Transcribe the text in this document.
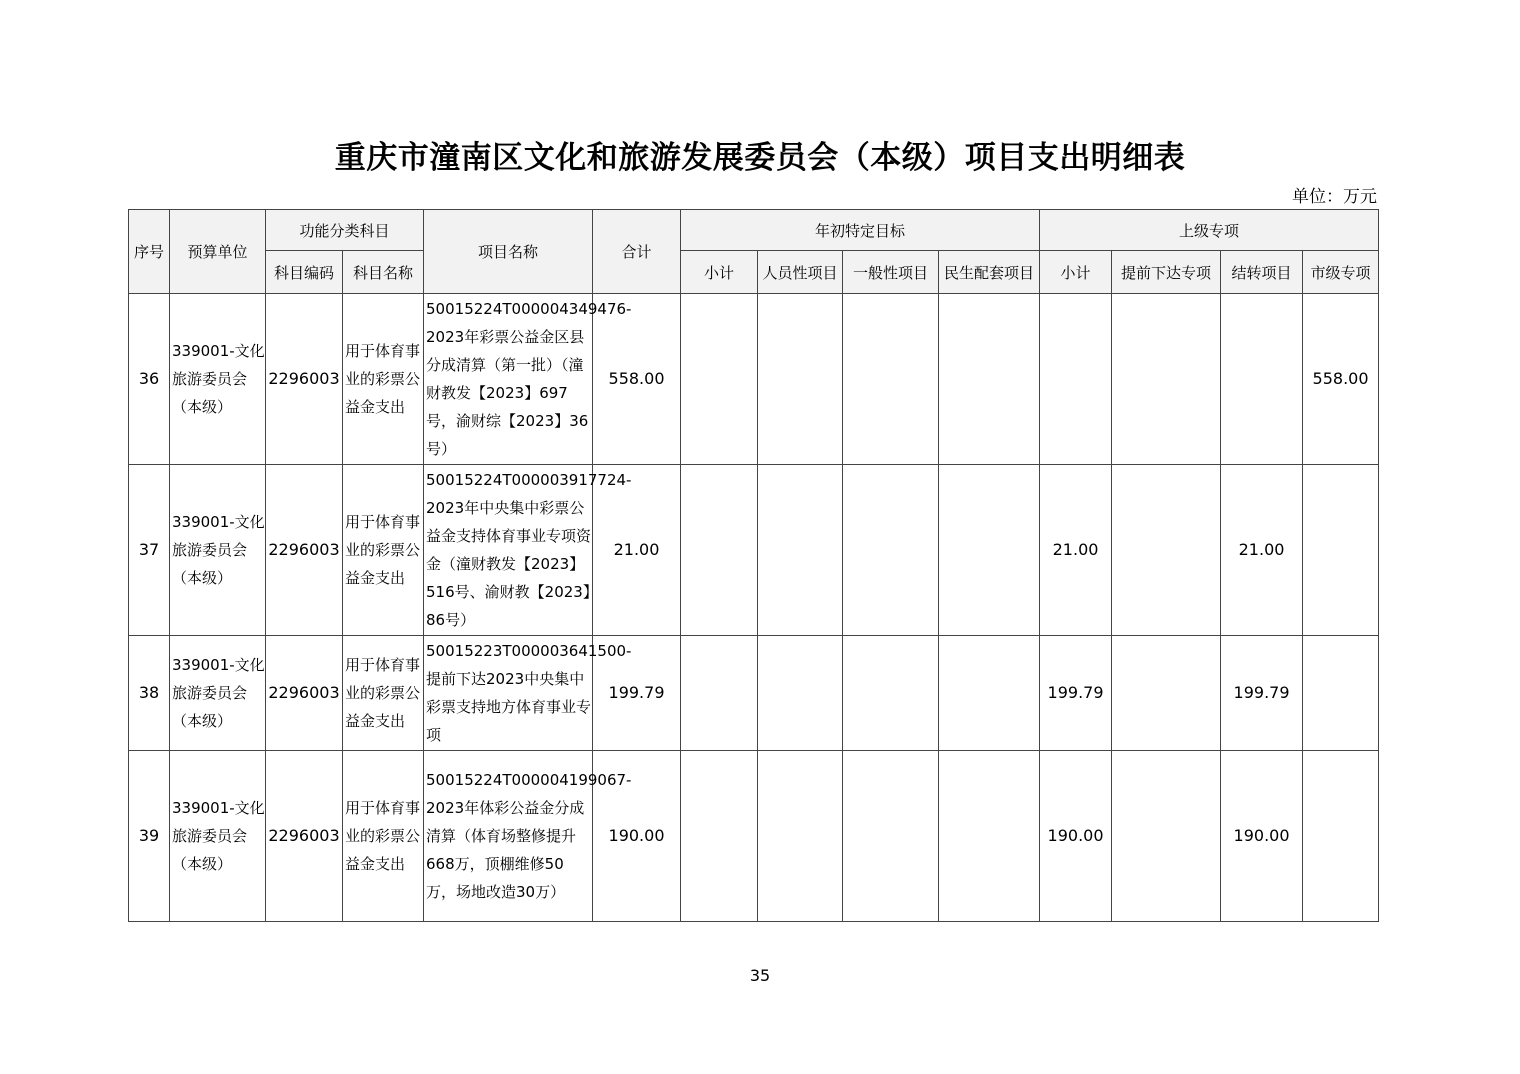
重庆市潼南区文化和旅游发展委员会（本级）项目支出明细表
单位：万元
序号	预算单位	功能分类科目		项目名称	合计	年初特定目标				上级专项			
		科目编码	科目名称			小计	人员性项目	一般性项目	民生配套项目	小计	提前下达专项	结转项目	市级专项
36	339001-文化旅游委员会（本级）	2296003	用于体育事业的彩票公益金支出	50015224T000004349476-2023年彩票公益金区县分成清算（第一批）（潼财教发【2023】697号，渝财综【2023】36号）	558.00								558.00
37	339001-文化旅游委员会（本级）	2296003	用于体育事业的彩票公益金支出	50015224T000003917724-2023年中央集中彩票公益金支持体育事业专项资金（潼财教发【2023】516号、渝财教【2023】86号）	21.00					21.00		21.00	
38	339001-文化旅游委员会（本级）	2296003	用于体育事业的彩票公益金支出	50015223T000003641500-提前下达2023中央集中彩票支持地方体育事业专项	199.79					199.79		199.79	
39	339001-文化旅游委员会（本级）	2296003	用于体育事业的彩票公益金支出	50015224T000004199067-2023年体彩公益金分成清算（体育场整修提升668万，顶棚维修50万，场地改造30万）	190.00					190.00		190.00	
35
